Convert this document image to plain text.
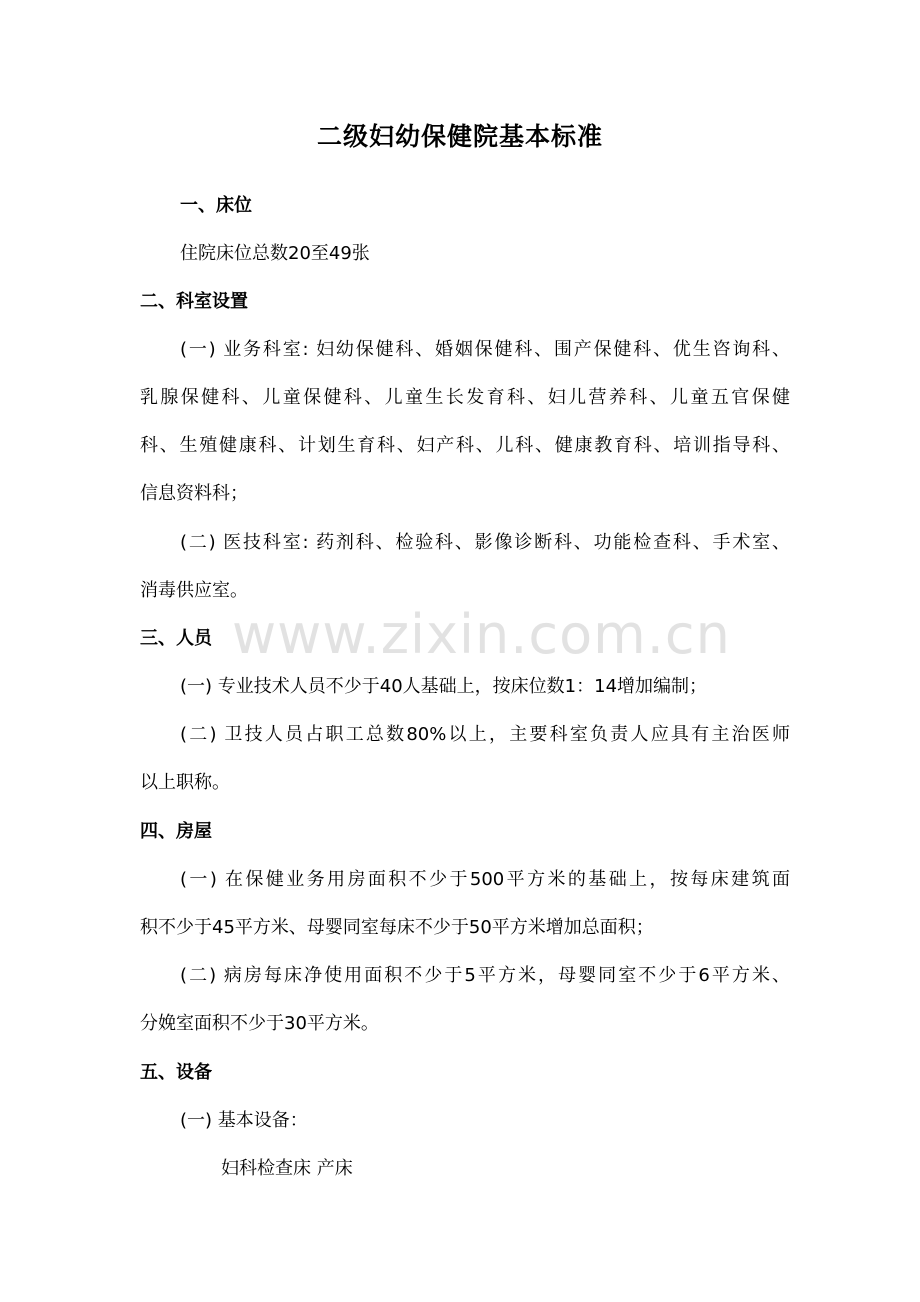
二级妇幼保健院基本标准
www.zixin.com.cn
一、床位
住院床位总数20至49张
二、科室设置
(一) 业务科室: 妇幼保健科、婚姻保健科、围产保健科、优生咨询科、
乳腺保健科、儿童保健科、儿童生长发育科、妇儿营养科、儿童五官保健
科、生殖健康科、计划生育科、妇产科、儿科、健康教育科、培训指导科、
信息资料科；
(二) 医技科室: 药剂科、检验科、影像诊断科、功能检查科、手术室、
消毒供应室。
三、人员
(一) 专业技术人员不少于40人基础上，按床位数1：14增加编制；
(二) 卫技人员占职工总数80%以上，主要科室负责人应具有主治医师
以上职称。
四、房屋
(一) 在保健业务用房面积不少于500平方米的基础上，按每床建筑面
积不少于45平方米、母婴同室每床不少于50平方米增加总面积；
(二) 病房每床净使用面积不少于5平方米，母婴同室不少于6平方米、
分娩室面积不少于30平方米。
五、设备
(一) 基本设备：
妇科检查床 产床
